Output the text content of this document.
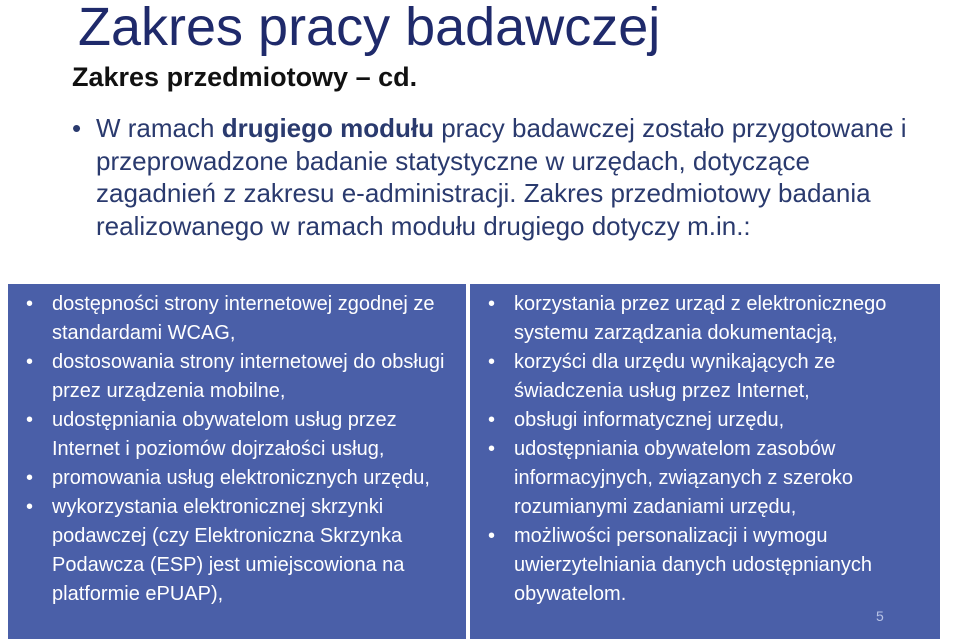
Zakres pracy badawczej
Zakres przedmiotowy – cd.
• W ramach drugiego modułu pracy badawczej zostało przygotowane i przeprowadzone badanie statystyczne w urzędach, dotyczące zagadnień z zakresu e-administracji. Zakres przedmiotowy badania realizowanego w ramach modułu drugiego dotyczy m.in.:

• dostępności strony internetowej zgodnej ze standardami WCAG,
• dostosowania strony internetowej do obsługi przez urządzenia mobilne,
• udostępniania obywatelom usług przez Internet i poziomów dojrzałości usług,
• promowania usług elektronicznych urzędu,
• wykorzystania elektronicznej skrzynki podawczej (czy Elektroniczna Skrzynka Podawcza (ESP) jest umiejscowiona na platformie ePUAP),
• korzystania przez urząd z elektronicznego systemu zarządzania dokumentacją,
• korzyści dla urzędu wynikających ze świadczenia usług przez Internet,
• obsługi informatycznej urzędu,
• udostępniania obywatelom zasobów informacyjnych, związanych z szeroko rozumianymi zadaniami urzędu,
• możliwości personalizacji i wymogu uwierzytelniania danych udostępnianych obywatelom.
5
